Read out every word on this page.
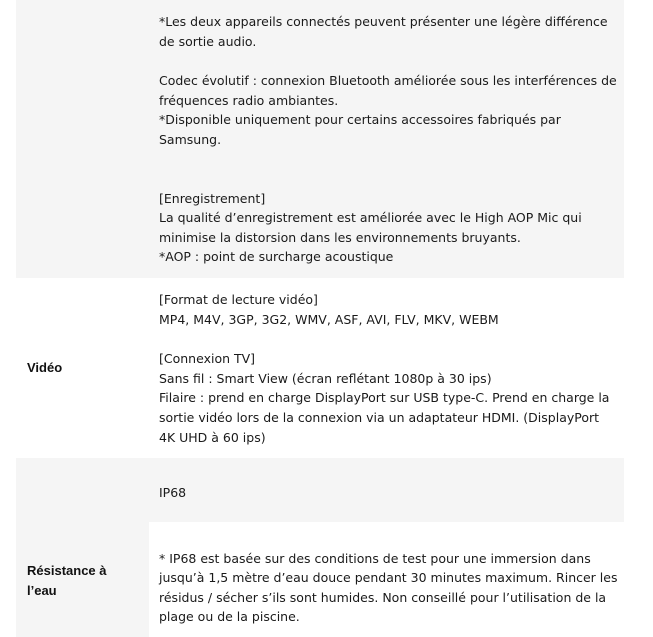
*Les deux appareils connectés peuvent présenter une légère différence de sortie audio.

Codec évolutif : connexion Bluetooth améliorée sous les interférences de fréquences radio ambiantes.

*Disponible uniquement pour certains accessoires fabriqués par Samsung.

[Enregistrement]

La qualité d’enregistrement est améliorée avec le High AOP Mic qui minimise la distorsion dans les environnements bruyants.

*AOP : point de surcharge acoustique

Vidéo

[Format de lecture vidéo]

MP4, M4V, 3GP, 3G2, WMV, ASF, AVI, FLV, MKV, WEBM

[Connexion TV]

Sans fil : Smart View (écran reflétant 1080p à 30 ips)

Filaire : prend en charge DisplayPort sur USB type-C. Prend en charge la sortie vidéo lors de la connexion via un adaptateur HDMI. (DisplayPort 4K UHD à 60 ips)

Résistance à l’eau

IP68

* IP68 est basée sur des conditions de test pour une immersion dans jusqu’à 1,5 mètre d’eau douce pendant 30 minutes maximum. Rincer les résidus / sécher s’ils sont humides. Non conseillé pour l’utilisation de la plage ou de la piscine.
